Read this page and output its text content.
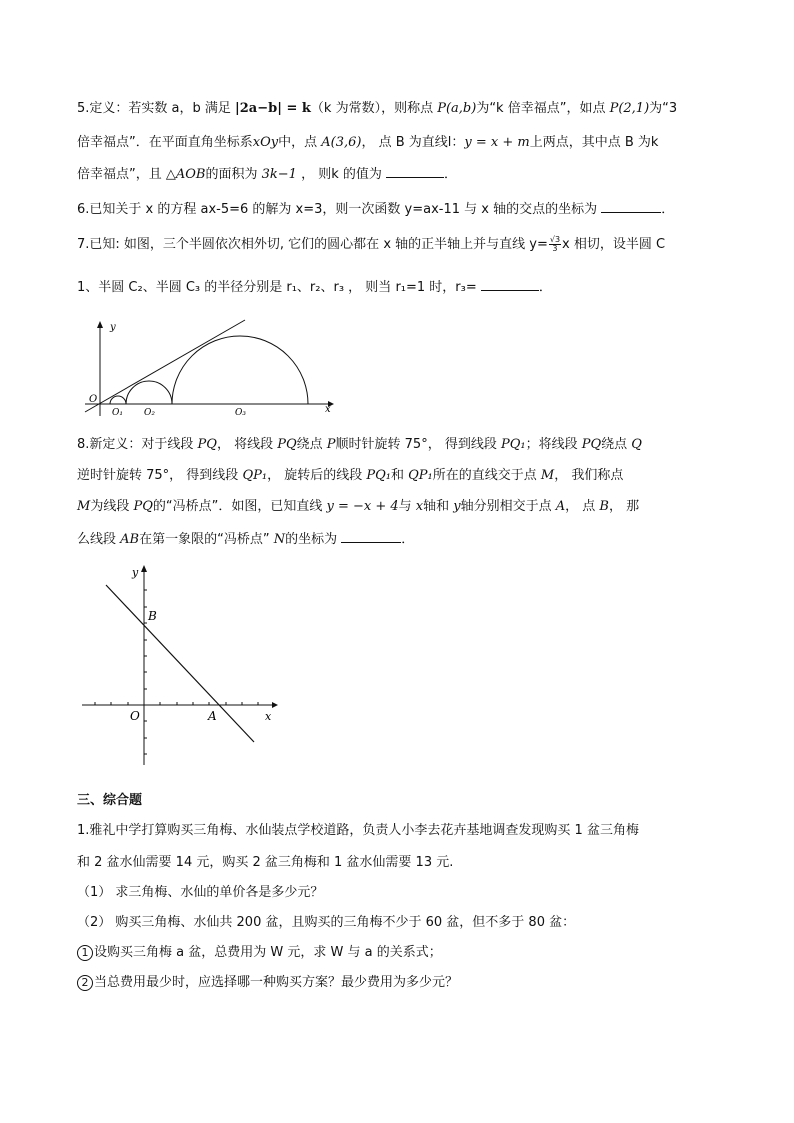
5.定义：若实数 a，b 满足 |2a−b| = k（k 为常数），则称点 P(a,b)为“k 倍幸福点”，如点 P(2,1)为“3
倍幸福点”．在平面直角坐标系xOy中，点 A(3,6)， 点 B 为直线l：y = x + m上两点，其中点 B 为k
倍幸福点”，且 △AOB的面积为 3k−1 ， 则k 的值为	．
6.已知关于 x 的方程 ax-5=6 的解为 x=3，则一次函数 y=ax-11 与 x 轴的交点的坐标为	．
7.已知: 如图，三个半圆依次相外切, 它们的圆心都在 x 轴的正半轴上并与直线 $y= \frac{√3}{3}$ x 相切，设半圆 C
1、半圆 C₂、半圆 C₃ 的半径分别是 r₁、r₂、r₃ ， 则当 r₁=1 时，r₃=	．
y
O
O₁ O₂	O₃	x
8.新定义：对于线段 PQ， 将线段 PQ绕点 P顺时针旋转 75°， 得到线段 PQ₁；将线段 PQ绕点 Q
逆时针旋转 75°， 得到线段 QP₁， 旋转后的线段 PQ₁和 QP₁所在的直线交于点 M， 我们称点
M为线段 PQ的“冯桥点”．如图，已知直线 y = −x + 4与 x轴和 y轴分别相交于点 A， 点 B， 那
么线段 AB在第一象限的“冯桥点” N的坐标为	．
y
B
O	A	x
三、综合题
1.雅礼中学打算购买三角梅、水仙装点学校道路，负责人小李去花卉基地调查发现购买 1 盆三角梅
和 2 盆水仙需要 14 元，购买 2 盆三角梅和 1 盆水仙需要 13 元.
（1） 求三角梅、水仙的单价各是多少元？
（2） 购买三角梅、水仙共 200 盆，且购买的三角梅不少于 60 盆，但不多于 80 盆：
1 设购买三角梅 a 盆，总费用为 W 元，求 W 与 a 的关系式；
2 当总费用最少时，应选择哪一种购买方案？最少费用为多少元？
